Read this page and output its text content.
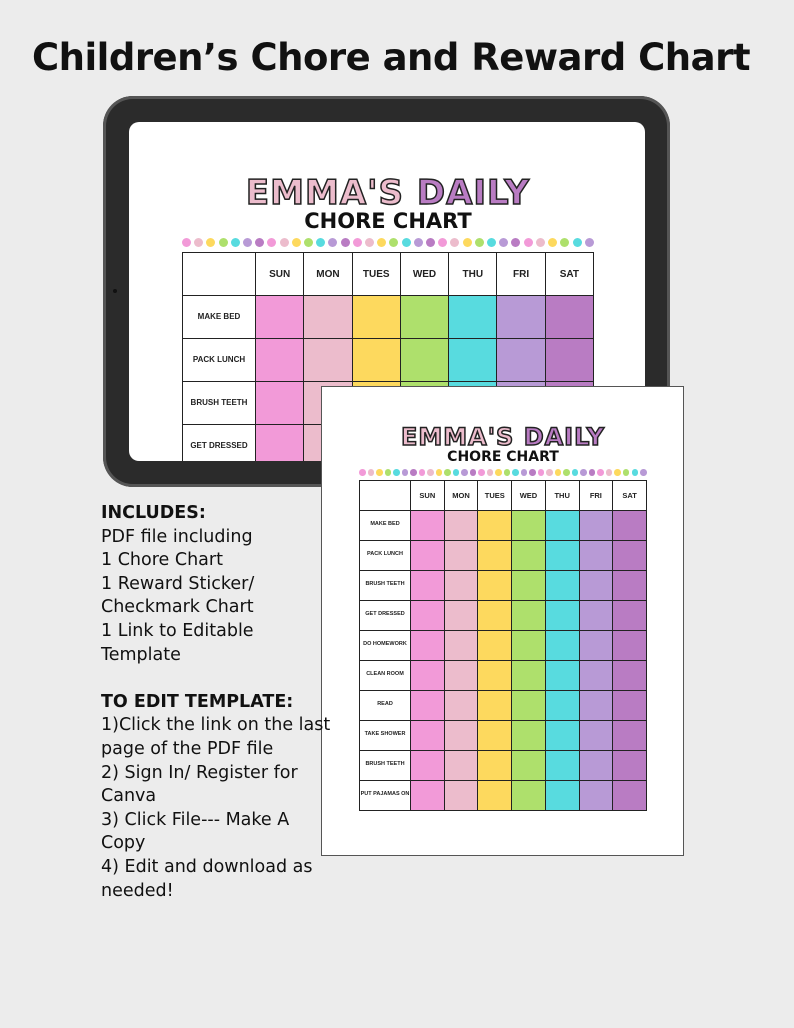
Children’s Chore and Reward Chart
EMMA'S DAILY
CHORE CHART
	SUN	MON	TUES	WED	THU	FRI	SAT
MAKE BED							
PACK LUNCH							
BRUSH TEETH							
GET DRESSED							

								EMMA'S DAILY
CHORE CHART
	SUN	MON	TUES	WED	THU	FRI	SAT
MAKE BED							
PACK LUNCH							
BRUSH TEETH							
GET DRESSED							
DO HOMEWORK							
CLEAN ROOM							
READ							
TAKE SHOWER							
BRUSH TEETH							
PUT PAJAMAS ON							
INCLUDES:
PDF file including
1 Chore Chart
1 Reward Sticker/
Checkmark Chart
1 Link to Editable
Template
TO EDIT TEMPLATE:
1)Click the link on the last
page of the PDF file
2) Sign In/ Register for
Canva
3) Click File--- Make A
Copy
4) Edit and download as
needed!
